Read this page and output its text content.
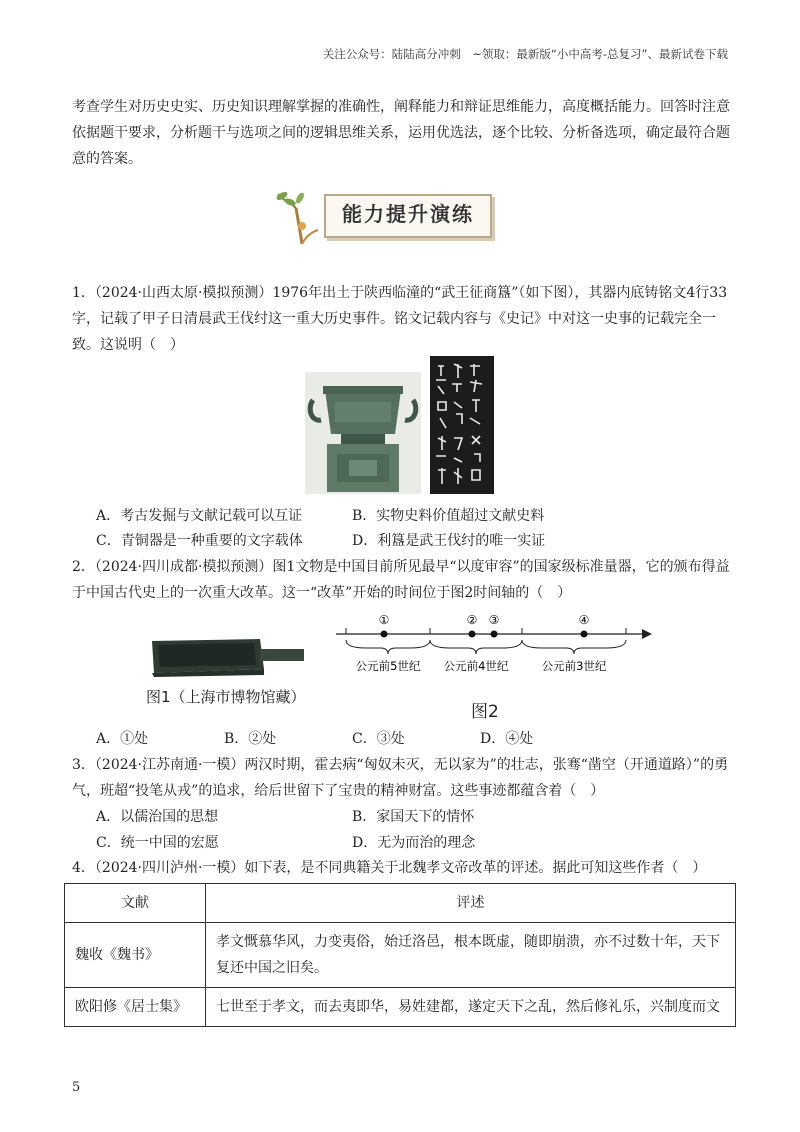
关注公众号：陆陆高分冲刺　~领取：最新版“小中高考-总复习”、最新试卷下载
考查学生对历史史实、历史知识理解掌握的准确性，阐释能力和辩证思维能力，高度概括能力。回答时注意依据题干要求，分析题干与选项之间的逻辑思维关系，运用优选法，逐个比较、分析备选项，确定最符合题意的答案。
能力提升演练
1．（2024·山西太原·模拟预测）1976年出土于陕西临潼的“武王征商簋”（如下图），其器内底铸铭文4行33字，记载了甲子日清晨武王伐纣这一重大历史事件。铭文记载内容与《史记》中对这一史事的记载完全一致。这说明（　）
A．考古发掘与文献记载可以互证	B．实物史料价值超过文献史料
C．青铜器是一种重要的文字载体	D．利簋是武王伐纣的唯一实证
2．（2024·四川成都·模拟预测）图1文物是中国目前所见最早“以度审容”的国家级标准量器，它的颁布得益于中国古代史上的一次重大改革。这一“改革”开始的时间位于图2时间轴的（　）
图1（上海市博物馆藏）
①	② ③	④
公元前5世纪 公元前4世纪	公元前3世纪
图2
A．①处	B．②处	C．③处	D．④处
3．（2024·江苏南通·一模）两汉时期，霍去病“匈奴未灭，无以家为”的壮志，张骞“凿空（开通道路）”的勇气，班超“投笔从戎”的追求，给后世留下了宝贵的精神财富。这些事迹都蕴含着（　）
A．以儒治国的思想	B．家国天下的情怀
C．统一中国的宏愿	D．无为而治的理念
4．（2024·四川泸州·一模）如下表，是不同典籍关于北魏孝文帝改革的评述。据此可知这些作者（　）
文献	评述
魏收《魏书》	孝文慨慕华风，力变夷俗，始迁洛邑，根本既虚，随即崩溃，亦不过数十年，天下复还中国之旧矣。
欧阳修《居士集》	七世至于孝文，而去夷即华，易姓建都，遂定天下之乱，然后修礼乐，兴制度而文
5
